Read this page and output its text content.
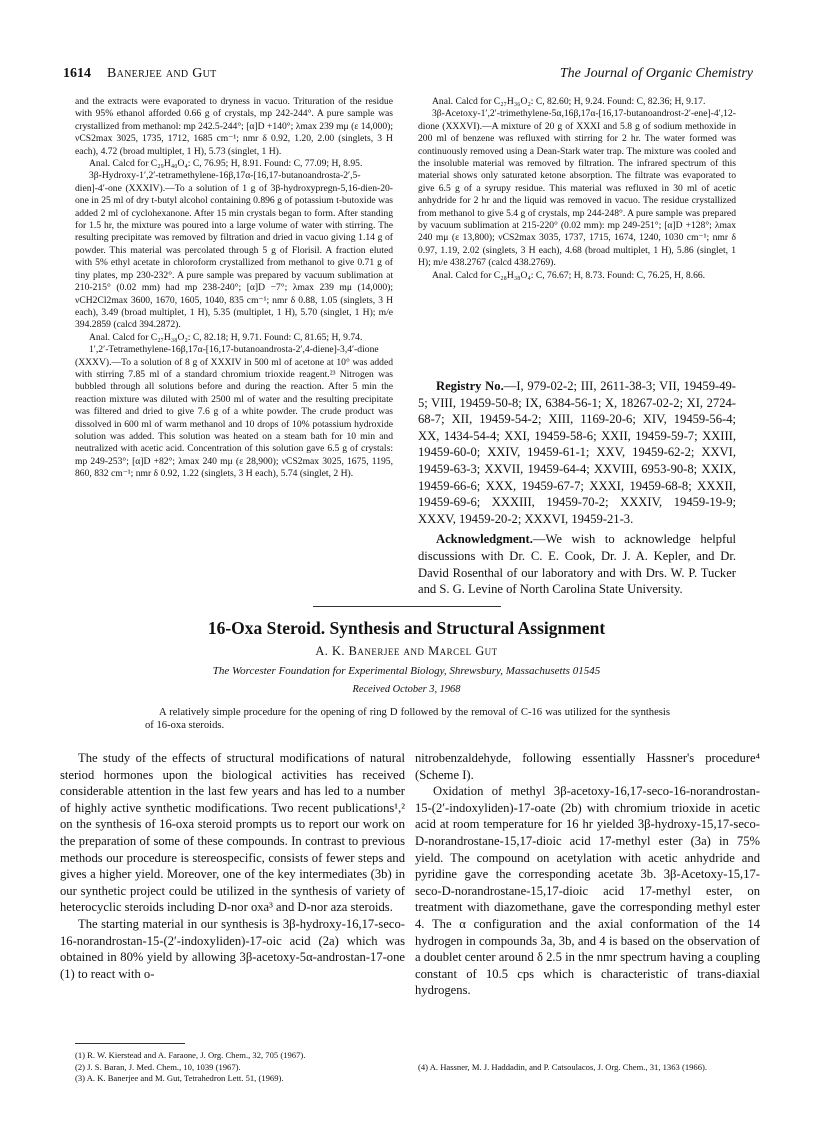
1614 Banerjee and Gut	The Journal of Organic Chemistry

and the extracts were evaporated to dryness in vacuo. Trituration of the residue with 95% ethanol afforded 0.66 g of crystals, mp 242-244°. A pure sample was crystallized from methanol: mp 242.5-244°; [α]D +140°; λmax 239 mμ (ε 14,000); νCS2max 3025, 1735, 1712, 1685 cm⁻¹; nmr δ 0.92, 1.20, 2.00 (singlets, 3 H each), 4.72 (broad multiplet, 1 H), 5.73 (singlet, 1 H).

Anal. Calcd for C₂₉H₄₀O₄: C, 76.95; H, 8.91. Found: C, 77.09; H, 8.95.

3β-Hydroxy-1′,2′-tetramethylene-16β,17α-[16,17-butanoandrosta-2′,5-dien]-4′-one (XXXIV).—To a solution of 1 g of 3β-hydroxypregn-5,16-dien-20-one in 25 ml of dry t-butyl alcohol containing 0.896 g of potassium t-butoxide was added 2 ml of cyclohexanone. After 15 min crystals began to form. After standing for 1.5 hr, the mixture was poured into a large volume of water with stirring. The resulting precipitate was removed by filtration and dried in vacuo giving 1.14 g of powder. This material was percolated through 5 g of Florisil. A fraction eluted with 5% ethyl acetate in chloroform crystallized from methanol to give 0.71 g of tiny plates, mp 230-232°. A pure sample was prepared by vacuum sublimation at 210-215° (0.02 mm) had mp 238-240°; [α]D −7°; λmax 239 mμ (14,000); νCH2Cl2max 3600, 1670, 1605, 1040, 835 cm⁻¹; nmr δ 0.88, 1.05 (singlets, 3 H each), 3.49 (broad multiplet, 1 H), 5.35 (multiplet, 1 H), 5.70 (singlet, 1 H); m/e 394.2859 (calcd 394.2872).

Anal. Calcd for C₂₇H₃₈O₂: C, 82.18; H, 9.71. Found: C, 81.65; H, 9.74.

1′,2′-Tetramethylene-16β,17α-[16,17-butanoandrosta-2′,4-diene]-3,4′-dione (XXXV).—To a solution of 8 g of XXXIV in 500 ml of acetone at 10° was added with stirring 7.85 ml of a standard chromium trioxide reagent.²³ Nitrogen was bubbled through all solutions before and during the reaction. After 5 min the reaction mixture was diluted with 2500 ml of water and the resulting precipitate was filtered and dried to give 7.6 g of a white powder. The crude product was dissolved in 600 ml of warm methanol and 10 drops of 10% potassium hydroxide solution was added. This solution was heated on a steam bath for 10 min and neutralized with acetic acid. Concentration of this solution gave 6.5 g of crystals: mp 249-253°; [α]D +82°; λmax 240 mμ (ε 28,900); νCS2max 3025, 1675, 1195, 860, 832 cm⁻¹; nmr δ 0.92, 1.22 (singlets, 3 H each), 5.74 (singlet, 2 H).

Anal. Calcd for C₂₇H₃₆O₂: C, 82.60; H, 9.24. Found: C, 82.36; H, 9.17.

3β-Acetoxy-1′,2′-trimethylene-5α,16β,17α-[16,17-butanoandrost-2′-ene]-4′,12-dione (XXXVI).—A mixture of 20 g of XXXI and 5.8 g of sodium methoxide in 200 ml of benzene was refluxed with stirring for 2 hr. The water formed was continuously removed using a Dean-Stark water trap. The mixture was cooled and the insoluble material was removed by filtration. The infrared spectrum of this material shows only saturated ketone absorption. The filtrate was evaporated to give 6.5 g of a syrupy residue. This material was refluxed in 30 ml of acetic anhydride for 2 hr and the liquid was removed in vacuo. The residue crystallized from methanol to give 5.4 g of crystals, mp 244-248°. A pure sample was prepared by vacuum sublimation at 215-220° (0.02 mm): mp 249-251°; [α]D +128°; λmax 240 mμ (ε 13,800); νCS2max 3035, 1737, 1715, 1674, 1240, 1030 cm⁻¹; nmr δ 0.97, 1.19, 2.02 (singlets, 3 H each), 4.68 (broad multiplet, 1 H), 5.86 (singlet, 1 H); m/e 438.2767 (calcd 438.2769).

Anal. Calcd for C₂₈H₃₈O₄: C, 76.67; H, 8.73. Found: C, 76.25, H, 8.66.

Registry No.—I, 979-02-2; III, 2611-38-3; VII, 19459-49-5; VIII, 19459-50-8; IX, 6384-56-1; X, 18267-02-2; XI, 2724-68-7; XII, 19459-54-2; XIII, 1169-20-6; XIV, 19459-56-4; XX, 1434-54-4; XXI, 19459-58-6; XXII, 19459-59-7; XXIII, 19459-60-0; XXIV, 19459-61-1; XXV, 19459-62-2; XXVI, 19459-63-3; XXVII, 19459-64-4; XXVIII, 6953-90-8; XXIX, 19459-66-6; XXX, 19459-67-7; XXXI, 19459-68-8; XXXII, 19459-69-6; XXXIII, 19459-70-2; XXXIV, 19459-19-9; XXXV, 19459-20-2; XXXVI, 19459-21-3.

Acknowledgment.—We wish to acknowledge helpful discussions with Dr. C. E. Cook, Dr. J. A. Kepler, and Dr. David Rosenthal of our laboratory and with Drs. W. P. Tucker and S. G. Levine of North Carolina State University.

16-Oxa Steroid. Synthesis and Structural Assignment
A. K. Banerjee and Marcel Gut
The Worcester Foundation for Experimental Biology, Shrewsbury, Massachusetts 01545
Received October 3, 1968
A relatively simple procedure for the opening of ring D followed by the removal of C-16 was utilized for the synthesis of 16-oxa steroids.

The study of the effects of structural modifications of natural steriod hormones upon the biological activities has received considerable attention in the last few years and has led to a number of highly active synthetic modifications. Two recent publications¹,² on the synthesis of 16-oxa steroid prompts us to report our work on the preparation of some of these compounds. In contrast to previous methods our procedure is stereospecific, consists of fewer steps and gives a higher yield. Moreover, one of the key intermediates (3b) in our synthetic project could be utilized in the synthesis of variety of heterocyclic steroids including D-nor oxa³ and D-nor aza steroids.

The starting material in our synthesis is 3β-hydroxy-16,17-seco-16-norandrostan-15-(2′-indoxyliden)-17-oic acid (2a) which was obtained in 80% yield by allowing 3β-acetoxy-5α-androstan-17-one (1) to react with o-

nitrobenzaldehyde, following essentially Hassner's procedure⁴ (Scheme I).

Oxidation of methyl 3β-acetoxy-16,17-seco-16-norandrostan-15-(2′-indoxyliden)-17-oate (2b) with chromium trioxide in acetic acid at room temperature for 16 hr yielded 3β-hydroxy-15,17-seco-D-norandrostane-15,17-dioic acid 17-methyl ester (3a) in 75% yield. The compound on acetylation with acetic anhydride and pyridine gave the corresponding acetate 3b. 3β-Acetoxy-15,17-seco-D-norandrostane-15,17-dioic acid 17-methyl ester, on treatment with diazomethane, gave the corresponding methyl ester 4. The α configuration and the axial conformation of the 14 hydrogen in compounds 3a, 3b, and 4 is based on the observation of a doublet center around δ 2.5 in the nmr spectrum having a coupling constant of 10.5 cps which is characteristic of trans-diaxial hydrogens.

(1) R. W. Kierstead and A. Faraone, J. Org. Chem., 32, 705 (1967).
(2) J. S. Baran, J. Med. Chem., 10, 1039 (1967).
(3) A. K. Banerjee and M. Gut, Tetrahedron Lett. 51, (1969).
(4) A. Hassner, M. J. Haddadin, and P. Catsoulacos, J. Org. Chem., 31, 1363 (1966).
